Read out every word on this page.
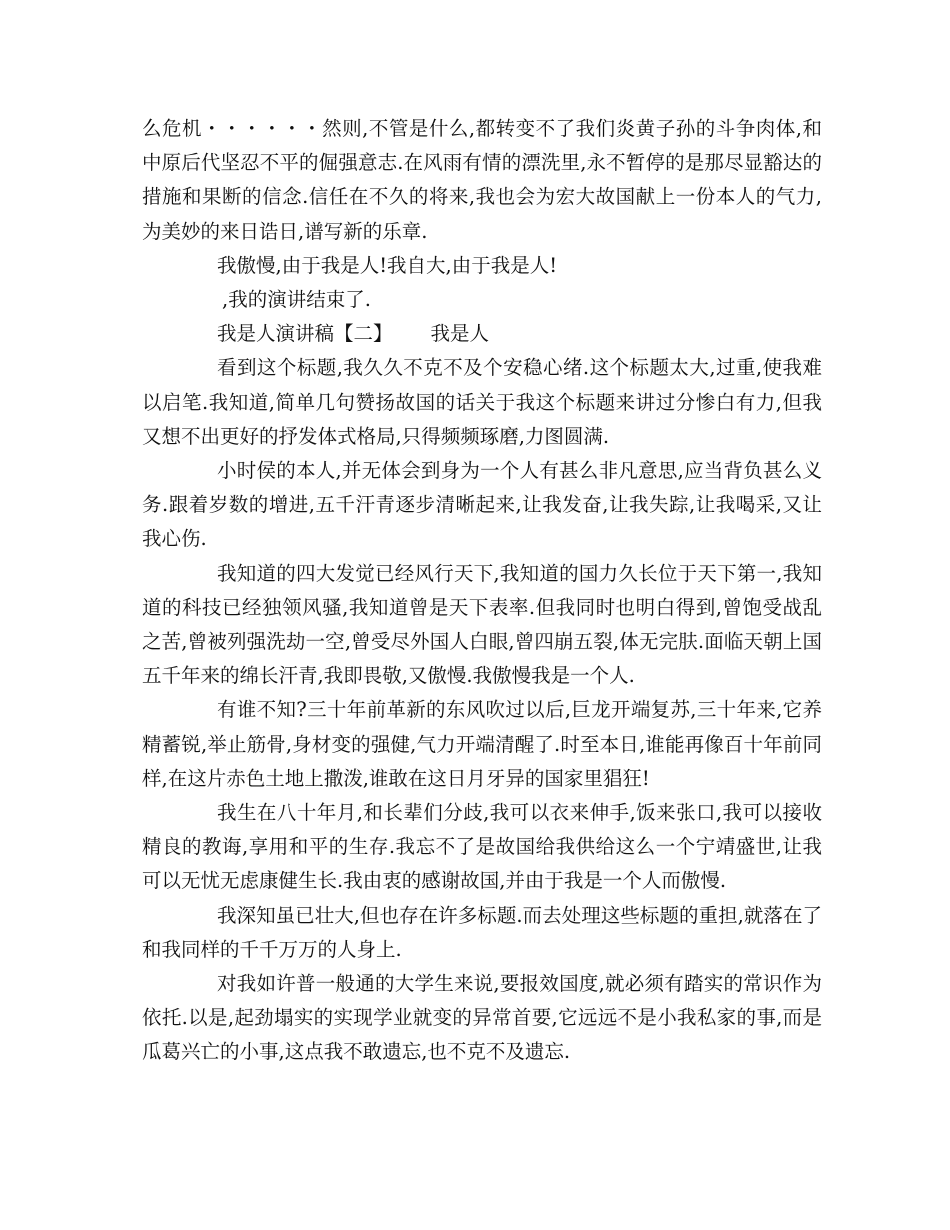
么危机・・・・・・然则,不管是什么,都转变不了我们炎黄子孙的斗争肉体,和中原后代坚忍不平的倔强意志.在风雨有情的漂洗里,永不暂停的是那尽显豁达的措施和果断的信念.信任在不久的将来,我也会为宏大故国献上一份本人的气力,为美妙的来日诰日,谱写新的乐章.

我傲慢,由于我是人!我自大,由于我是人!

,我的演讲结束了.

我是人演讲稿【二】 我是人

看到这个标题,我久久不克不及个安稳心绪.这个标题太大,过重,使我难以启笔.我知道,简单几句赞扬故国的话关于我这个标题来讲过分惨白有力,但我又想不出更好的抒发体式格局,只得频频琢磨,力图圆满.

小时侯的本人,并无体会到身为一个人有甚么非凡意思,应当背负甚么义务.跟着岁数的增进,五千汗青逐步清晰起来,让我发奋,让我失踪,让我喝采,又让我心伤.

我知道的四大发觉已经风行天下,我知道的国力久长位于天下第一,我知道的科技已经独领风骚,我知道曾是天下表率.但我同时也明白得到,曾饱受战乱之苦,曾被列强洗劫一空,曾受尽外国人白眼,曾四崩五裂,体无完肤.面临天朝上国五千年来的绵长汗青,我即畏敬,又傲慢.我傲慢我是一个人.

有谁不知?三十年前革新的东风吹过以后,巨龙开端复苏,三十年来,它养精蓄锐,举止筋骨,身材变的强健,气力开端清醒了.时至本日,谁能再像百十年前同样,在这片赤色土地上撒泼,谁敢在这日月牙异的国家里猖狂!

我生在八十年月,和长辈们分歧,我可以衣来伸手,饭来张口,我可以接收精良的教诲,享用和平的生存.我忘不了是故国给我供给这么一个宁靖盛世,让我可以无忧无虑康健生长.我由衷的感谢故国,并由于我是一个人而傲慢.

我深知虽已壮大,但也存在许多标题.而去处理这些标题的重担,就落在了和我同样的千千万万的人身上.

对我如许普一般通的大学生来说,要报效国度,就必须有踏实的常识作为依托.以是,起劲塌实的实现学业就变的异常首要,它远远不是小我私家的事,而是瓜葛兴亡的小事,这点我不敢遗忘,也不克不及遗忘.
